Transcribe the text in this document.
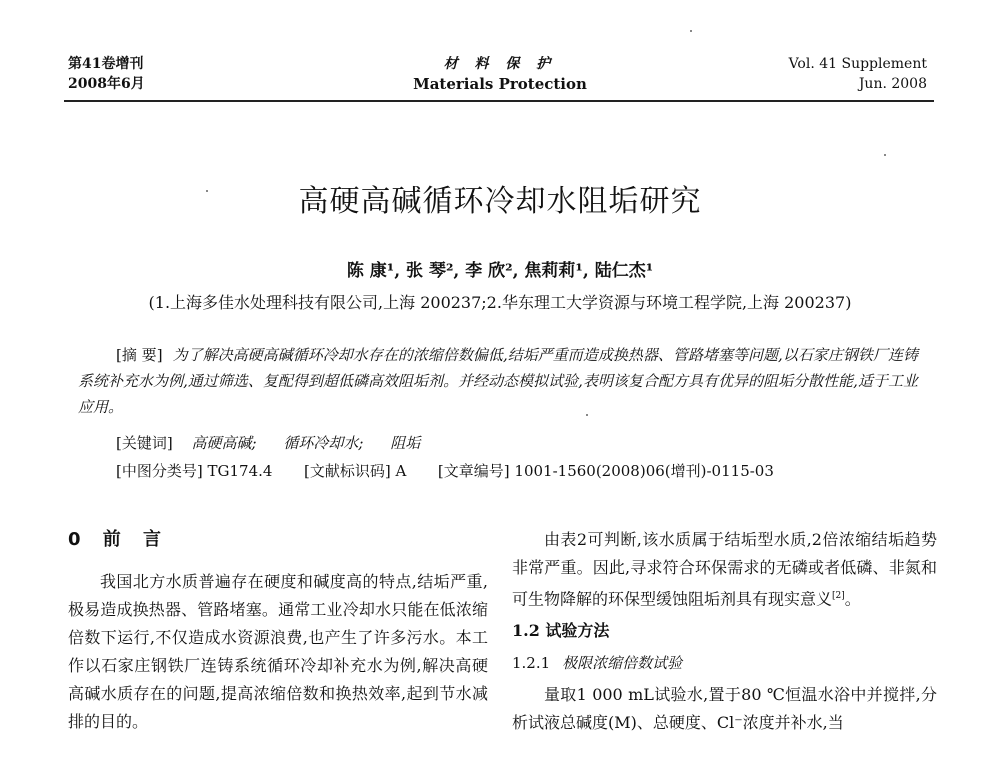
第41卷增刊
2008年6月
材 料 保 护
Materials Protection
Vol. 41 Supplement
Jun. 2008
高硬高碱循环冷却水阻垢研究
陈 康¹, 张 琴², 李 欣², 焦莉莉¹, 陆仁杰¹
(1.上海多佳水处理科技有限公司,上海 200237;2.华东理工大学资源与环境工程学院,上海 200237)
[摘 要] 为了解决高硬高碱循环冷却水存在的浓缩倍数偏低,结垢严重而造成换热器、管路堵塞等问题,以石家庄钢铁厂连铸系统补充水为例,通过筛选、复配得到超低磷高效阻垢剂。并经动态模拟试验,表明该复合配方具有优异的阻垢分散性能,适于工业应用。
[关键词] 高硬高碱; 循环冷却水; 阻垢
[中图分类号] TG174.4 [文献标识码] A [文章编号] 1001-1560(2008)06(增刊)-0115-03
0 前 言

我国北方水质普遍存在硬度和碱度高的特点,结垢严重,极易造成换热器、管路堵塞。通常工业冷却水只能在低浓缩倍数下运行,不仅造成水资源浪费,也产生了许多污水。本工作以石家庄钢铁厂连铸系统循环冷却补充水为例,解决高硬高碱水质存在的问题,提高浓缩倍数和换热效率,起到节水减排的目的。

由表2可判断,该水质属于结垢型水质,2倍浓缩结垢趋势非常严重。因此,寻求符合环保需求的无磷或者低磷、非氮和可生物降解的环保型缓蚀阻垢剂具有现实意义[2]。

1.2 试验方法
1.2.1 极限浓缩倍数试验

量取1 000 mL试验水,置于80 ℃恒温水浴中并搅拌,分析试液总碱度(M)、总硬度、Cl⁻浓度并补水,当
